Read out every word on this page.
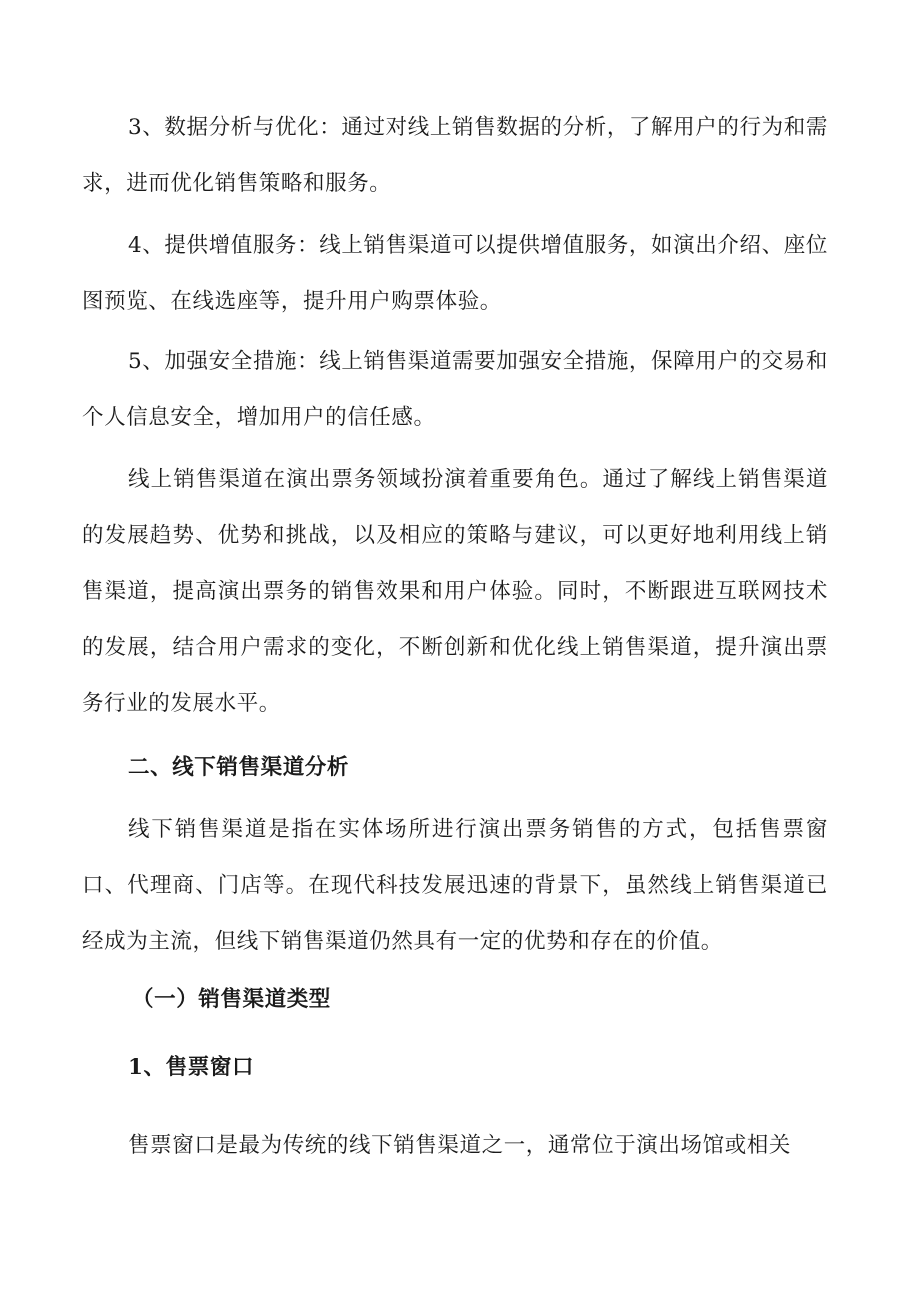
3、数据分析与优化：通过对线上销售数据的分析，了解用户的行为和需求，进而优化销售策略和服务。

4、提供增值服务：线上销售渠道可以提供增值服务，如演出介绍、座位图预览、在线选座等，提升用户购票体验。

5、加强安全措施：线上销售渠道需要加强安全措施，保障用户的交易和个人信息安全，增加用户的信任感。

线上销售渠道在演出票务领域扮演着重要角色。通过了解线上销售渠道的发展趋势、优势和挑战，以及相应的策略与建议，可以更好地利用线上销售渠道，提高演出票务的销售效果和用户体验。同时，不断跟进互联网技术的发展，结合用户需求的变化，不断创新和优化线上销售渠道，提升演出票务行业的发展水平。

二、线下销售渠道分析

线下销售渠道是指在实体场所进行演出票务销售的方式，包括售票窗口、代理商、门店等。在现代科技发展迅速的背景下，虽然线上销售渠道已经成为主流，但线下销售渠道仍然具有一定的优势和存在的价值。

（一）销售渠道类型
1、售票窗口

售票窗口是最为传统的线下销售渠道之一，通常位于演出场馆或相关
